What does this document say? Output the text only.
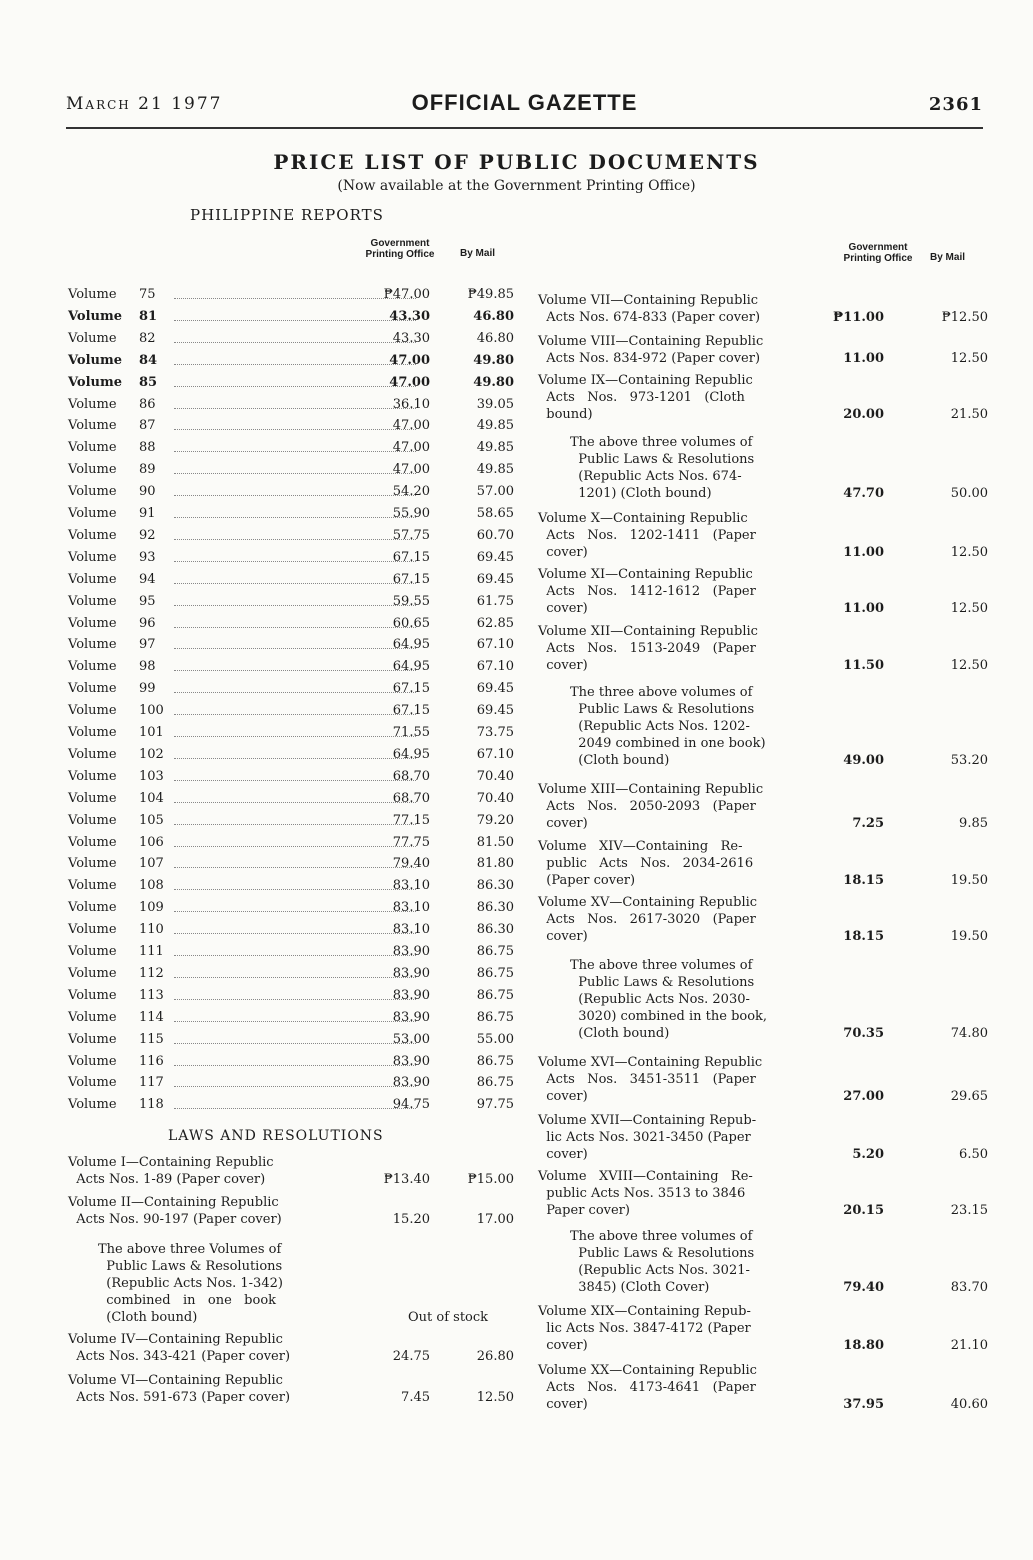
March 21 1977	OFFICIAL GAZETTE	2361
PRICE LIST OF PUBLIC DOCUMENTS
(Now available at the Government Printing Office)
PHILIPPINE REPORTS
Government Printing Office	By Mail
Government Printing Office	By Mail
Volume 75	₱47.00	₱49.85
Volume 81	43.30	46.80
Volume 82	43.30	46.80
Volume 84	47.00	49.80
Volume 85	47.00	49.80
Volume 86	36.10	39.05
Volume 87	47.00	49.85
Volume 88	47.00	49.85
Volume 89	47.00	49.85
Volume 90	54.20	57.00
Volume 91	55.90	58.65
Volume 92	57.75	60.70
Volume 93	67.15	69.45
Volume 94	67.15	69.45
Volume 95	59.55	61.75
Volume 96	60.65	62.85
Volume 97	64.95	67.10
Volume 98	64.95	67.10
Volume 99	67.15	69.45
Volume 100	67.15	69.45
Volume 101	71.55	73.75
Volume 102	64.95	67.10
Volume 103	68.70	70.40
Volume 104	68.70	70.40
Volume 105	77.15	79.20
Volume 106	77.75	81.50
Volume 107	79.40	81.80
Volume 108	83.10	86.30
Volume 109	83.10	86.30
Volume 110	83.10	86.30
Volume 111	83.90	86.75
Volume 112	83.90	86.75
Volume 113	83.90	86.75
Volume 114	83.90	86.75
Volume 115	53.00	55.00
Volume 116	83.90	86.75
Volume 117	83.90	86.75
Volume 118	94.75	97.75
LAWS AND RESOLUTIONS
Volume I—Containing Republic
Acts Nos. 1-89 (Paper cover)	₱13.40	₱15.00
Volume II—Containing Republic
Acts Nos. 90-197 (Paper cover)	15.20	17.00
The above three Volumes of
Public Laws & Resolutions
(Republic Acts Nos. 1-342)
combined   in   one   book
(Cloth bound)	Out of stock
Volume IV—Containing Republic
Acts Nos. 343-421 (Paper cover)	24.75	26.80
Volume VI—Containing Republic
Acts Nos. 591-673 (Paper cover)	7.45	12.50
Volume VII—Containing Republic
Acts Nos. 674-833 (Paper cover)	₱11.00	₱12.50
Volume VIII—Containing Republic
Acts Nos. 834-972 (Paper cover)	11.00	12.50
Volume IX—Containing Republic
Acts   Nos.   973-1201   (Cloth
bound)	20.00	21.50
The above three volumes of
Public Laws & Resolutions
(Republic Acts Nos. 674-
1201) (Cloth bound)	47.70	50.00
Volume X—Containing Republic
Acts   Nos.   1202-1411   (Paper
cover)	11.00	12.50
Volume XI—Containing Republic
Acts   Nos.   1412-1612   (Paper
cover)	11.00	12.50
Volume XII—Containing Republic
Acts   Nos.   1513-2049   (Paper
cover)	11.50	12.50
The three above volumes of
Public Laws & Resolutions
(Republic Acts Nos. 1202-
2049 combined in one book)
(Cloth bound)	49.00	53.20
Volume XIII—Containing Republic
Acts   Nos.   2050-2093   (Paper
cover)	7.25	9.85
Volume   XIV—Containing   Re-
public   Acts   Nos.   2034-2616
(Paper cover)	18.15	19.50
Volume XV—Containing Republic
Acts   Nos.   2617-3020   (Paper
cover)	18.15	19.50
The above three volumes of
Public Laws & Resolutions
(Republic Acts Nos. 2030-
3020) combined in the book,
(Cloth bound)	70.35	74.80
Volume XVI—Containing Republic
Acts   Nos.   3451-3511   (Paper
cover)	27.00	29.65
Volume XVII—Containing Repub-
lic Acts Nos. 3021-3450 (Paper
cover)	5.20	6.50
Volume   XVIII—Containing   Re-
public Acts Nos. 3513 to 3846
Paper cover)	20.15	23.15
The above three volumes of
Public Laws & Resolutions
(Republic Acts Nos. 3021-
3845) (Cloth Cover)	79.40	83.70
Volume XIX—Containing Repub-
lic Acts Nos. 3847-4172 (Paper
cover)	18.80	21.10
Volume XX—Containing Republic
Acts   Nos.   4173-4641   (Paper
cover)	37.95	40.60
